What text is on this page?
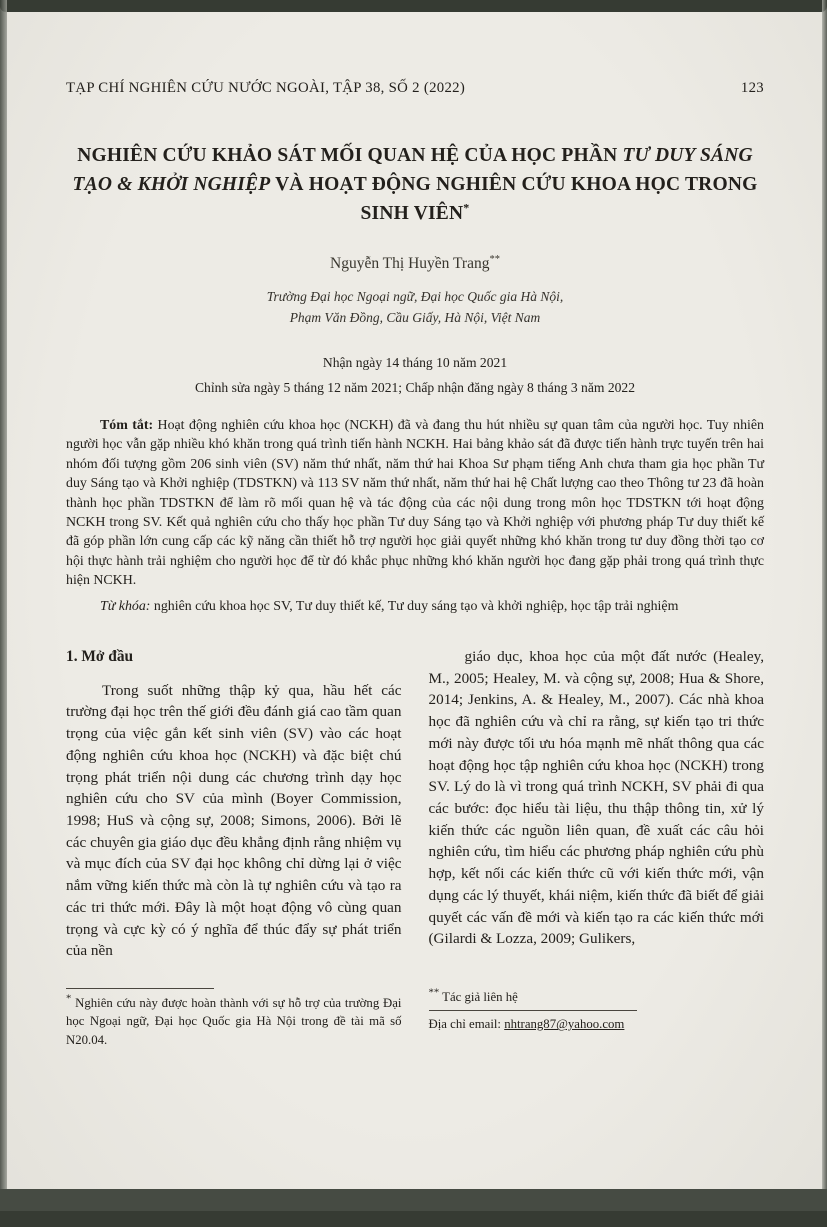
TẠP CHÍ NGHIÊN CỨU NƯỚC NGOÀI, TẬP 38, SỐ 2 (2022)	123
NGHIÊN CỨU KHẢO SÁT MỐI QUAN HỆ CỦA HỌC PHẦN TƯ DUY SÁNG TẠO & KHỞI NGHIỆP VÀ HOẠT ĐỘNG NGHIÊN CỨU KHOA HỌC TRONG SINH VIÊN*
Nguyễn Thị Huyền Trang**
Trường Đại học Ngoại ngữ, Đại học Quốc gia Hà Nội,
Phạm Văn Đồng, Cầu Giấy, Hà Nội, Việt Nam
Nhận ngày 14 tháng 10 năm 2021
Chỉnh sửa ngày 5 tháng 12 năm 2021; Chấp nhận đăng ngày 8 tháng 3 năm 2022

Tóm tắt: Hoạt động nghiên cứu khoa học (NCKH) đã và đang thu hút nhiều sự quan tâm của người học. Tuy nhiên người học vẫn gặp nhiều khó khăn trong quá trình tiến hành NCKH. Hai bảng khảo sát đã được tiến hành trực tuyến trên hai nhóm đối tượng gồm 206 sinh viên (SV) năm thứ nhất, năm thứ hai Khoa Sư phạm tiếng Anh chưa tham gia học phần Tư duy Sáng tạo và Khởi nghiệp (TDSTKN) và 113 SV năm thứ nhất, năm thứ hai hệ Chất lượng cao theo Thông tư 23 đã hoàn thành học phần TDSTKN để làm rõ mối quan hệ và tác động của các nội dung trong môn học TDSTKN tới hoạt động NCKH trong SV. Kết quả nghiên cứu cho thấy học phần Tư duy Sáng tạo và Khởi nghiệp với phương pháp Tư duy thiết kế đã góp phần lớn cung cấp các kỹ năng cần thiết hỗ trợ người học giải quyết những khó khăn trong tư duy đồng thời tạo cơ hội thực hành trải nghiệm cho người học để từ đó khắc phục những khó khăn người học đang gặp phải trong quá trình thực hiện NCKH.

Từ khóa: nghiên cứu khoa học SV, Tư duy thiết kế, Tư duy sáng tạo và khởi nghiệp, học tập trải nghiệm

1. Mở đầu

Trong suốt những thập kỷ qua, hầu hết các trường đại học trên thế giới đều đánh giá cao tầm quan trọng của việc gắn kết sinh viên (SV) vào các hoạt động nghiên cứu khoa học (NCKH) và đặc biệt chú trọng phát triển nội dung các chương trình dạy học nghiên cứu cho SV của mình (Boyer Commission, 1998; HuS và cộng sự, 2008; Simons, 2006). Bởi lẽ các chuyên gia giáo dục đều khẳng định rằng nhiệm vụ và mục đích của SV đại học không chỉ dừng lại ở việc nắm vững kiến thức mà còn là tự nghiên cứu và tạo ra các tri thức mới. Đây là một hoạt động vô cùng quan trọng và cực kỳ có ý nghĩa để thúc đẩy sự phát triển của nền

giáo dục, khoa học của một đất nước (Healey, M., 2005; Healey, M. và cộng sự, 2008; Hua & Shore, 2014; Jenkins, A. & Healey, M., 2007). Các nhà khoa học đã nghiên cứu và chỉ ra rằng, sự kiến tạo tri thức mới này được tối ưu hóa mạnh mẽ nhất thông qua các hoạt động học tập nghiên cứu khoa học (NCKH) trong SV. Lý do là vì trong quá trình NCKH, SV phải đi qua các bước: đọc hiểu tài liệu, thu thập thông tin, xử lý kiến thức các nguồn liên quan, đề xuất các câu hỏi nghiên cứu, tìm hiểu các phương pháp nghiên cứu phù hợp, kết nối các kiến thức cũ với kiến thức mới, vận dụng các lý thuyết, khái niệm, kiến thức đã biết để giải quyết các vấn đề mới và kiến tạo ra các kiến thức mới (Gilardi & Lozza, 2009; Gulikers,

* Nghiên cứu này được hoàn thành với sự hỗ trợ của trường Đại học Ngoại ngữ, Đại học Quốc gia Hà Nội trong đề tài mã số N20.04.

** Tác giả liên hệ

Địa chỉ email: nhtrang87@yahoo.com
